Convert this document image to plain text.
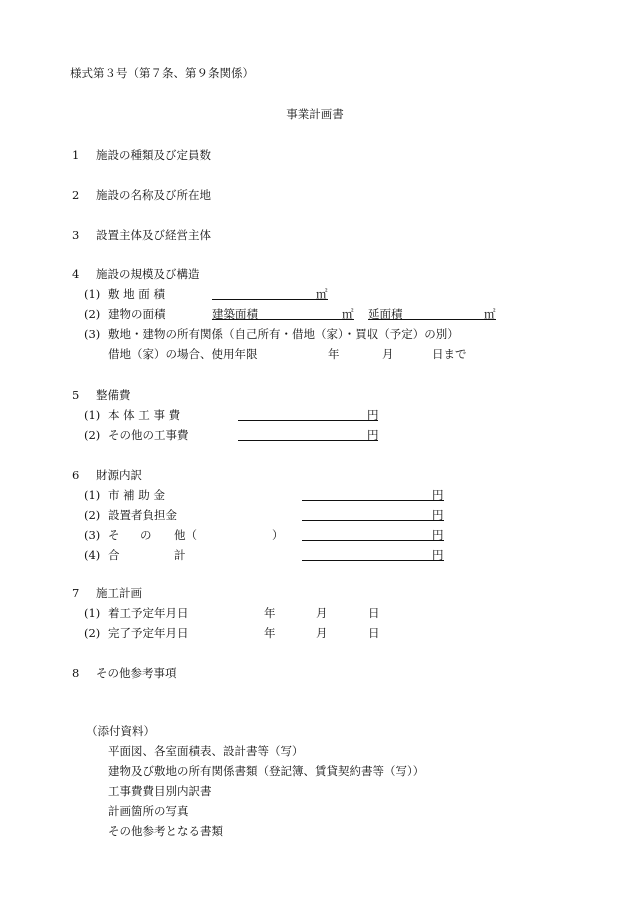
様式第３号（第７条、第９条関係）
事業計画書
1 施設の種類及び定員数
2 施設の名称及び所在地
3 設置主体及び経営主体
4 施設の規模及び構造
(1) 敷 地 面 積	㎡
(2) 建物の面積	建築面積	㎡ 延面積	㎡
(3) 敷地・建物の所有関係（自己所有・借地（家）・買収（予定）の別）
借地（家）の場合、使用年限	年	月	日まで
5 整備費
(1) 本 体 工 事 費	円
(2) その他の工事費	円
6 財源内訳
(1) 市 補 助 金	円
(2) 設置者負担金	円
(3) そ の 他（	）	円
(4) 合	計	円
7 施工計画
(1) 着工予定年月日	年	月	日
(2) 完了予定年月日	年	月	日
8 その他参考事項
（添付資料）
平面図、各室面積表、設計書等（写）
建物及び敷地の所有関係書類（登記簿、賃貸契約書等（写））
工事費費目別内訳書
計画箇所の写真
その他参考となる書類
